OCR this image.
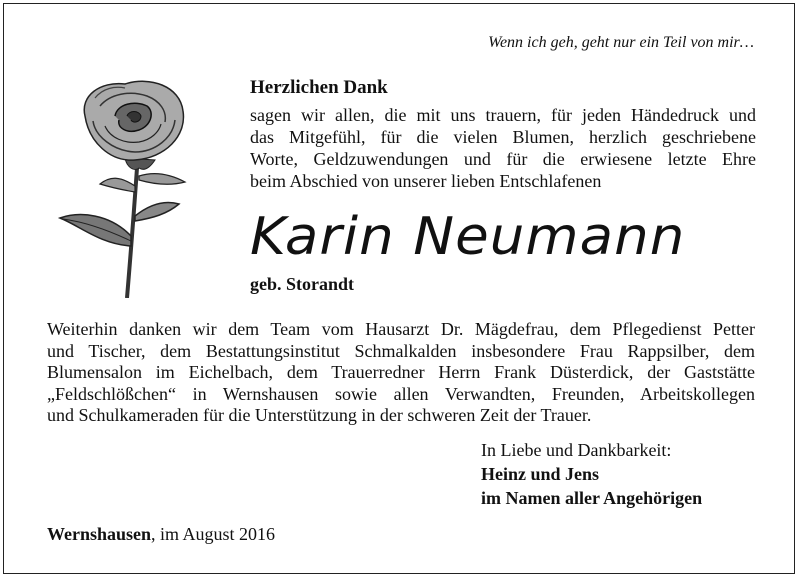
Wenn ich geh, geht nur ein Teil von mir…
Herzlichen Dank
sagen wir allen, die mit uns trauern, für jeden Händedruck und
das Mitgefühl, für die vielen Blumen, herzlich geschriebene
Worte, Geldzuwendungen und für die erwiesene letzte Ehre
beim Abschied von unserer lieben Entschlafenen
Karin Neumann
geb. Storandt
Weiterhin danken wir dem Team vom Hausarzt Dr. Mägdefrau, dem Pflegedienst Petter
und Tischer, dem Bestattungsinstitut Schmalkalden insbesondere Frau Rappsilber, dem
Blumensalon im Eichelbach, dem Trauerredner Herrn Frank Düsterdick, der Gaststätte
„Feldschlößchen“ in Wernshausen sowie allen Verwandten, Freunden, Arbeitskollegen
und Schulkameraden für die Unterstützung in der schweren Zeit der Trauer.
In Liebe und Dankbarkeit:
Heinz und Jens
im Namen aller Angehörigen
Wernshausen, im August 2016
